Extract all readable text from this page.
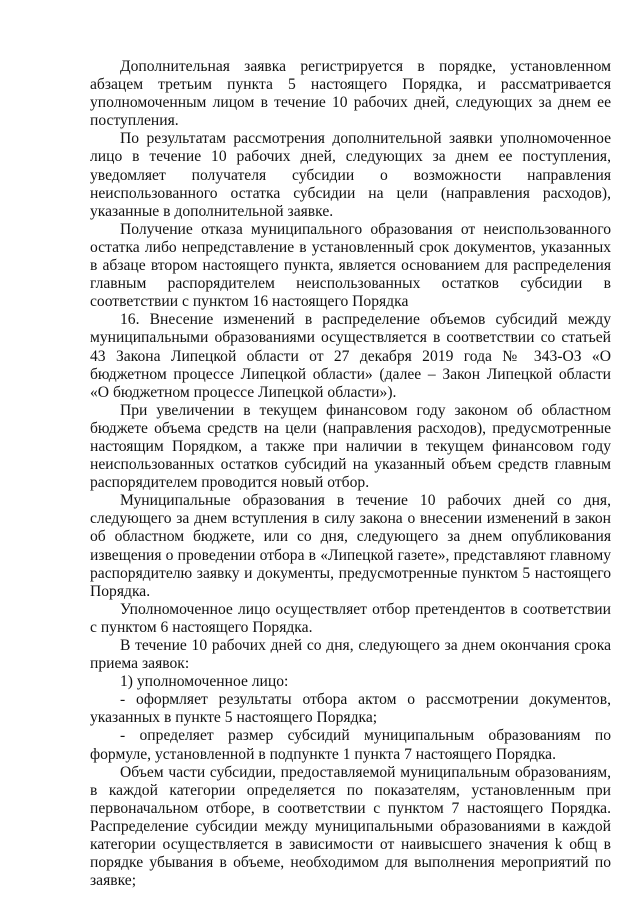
Дополнительная заявка регистрируется в порядке, установленном абзацем третьим пункта 5 настоящего Порядка, и рассматривается уполномоченным лицом в течение 10 рабочих дней, следующих за днем ее поступления.

По результатам рассмотрения дополнительной заявки уполномоченное лицо в течение 10 рабочих дней, следующих за днем ее поступления, уведомляет получателя субсидии о возможности направления неиспользованного остатка субсидии на цели (направления расходов), указанные в дополнительной заявке.

Получение отказа муниципального образования от неиспользованного остатка либо непредставление в установленный срок документов, указанных в абзаце втором настоящего пункта, является основанием для распределения главным распорядителем неиспользованных остатков субсидии в соответствии с пунктом 16 настоящего Порядка

16. Внесение изменений в распределение объемов субсидий между муниципальными образованиями осуществляется в соответствии со статьей 43 Закона Липецкой области от 27 декабря 2019 года № 343-ОЗ «О бюджетном процессе Липецкой области» (далее – Закон Липецкой области «О бюджетном процессе Липецкой области»).

При увеличении в текущем финансовом году законом об областном бюджете объема средств на цели (направления расходов), предусмотренные настоящим Порядком, а также при наличии в текущем финансовом году неиспользованных остатков субсидий на указанный объем средств главным распорядителем проводится новый отбор.

Муниципальные образования в течение 10 рабочих дней со дня, следующего за днем вступления в силу закона о внесении изменений в закон об областном бюджете, или со дня, следующего за днем опубликования извещения о проведении отбора в «Липецкой газете», представляют главному распорядителю заявку и документы, предусмотренные пунктом 5 настоящего Порядка.

Уполномоченное лицо осуществляет отбор претендентов в соответствии с пунктом 6 настоящего Порядка.

В течение 10 рабочих дней со дня, следующего за днем окончания срока приема заявок:

1) уполномоченное лицо:

- оформляет результаты отбора актом о рассмотрении документов, указанных в пункте 5 настоящего Порядка;

- определяет размер субсидий муниципальным образованиям по формуле, установленной в подпункте 1 пункта 7 настоящего Порядка.

Объем части субсидии, предоставляемой муниципальным образованиям, в каждой категории определяется по показателям, установленным при первоначальном отборе, в соответствии с пунктом 7 настоящего Порядка. Распределение субсидии между муниципальными образованиями в каждой категории осуществляется в зависимости от наивысшего значения k общ в порядке убывания в объеме, необходимом для выполнения мероприятий по заявке;
